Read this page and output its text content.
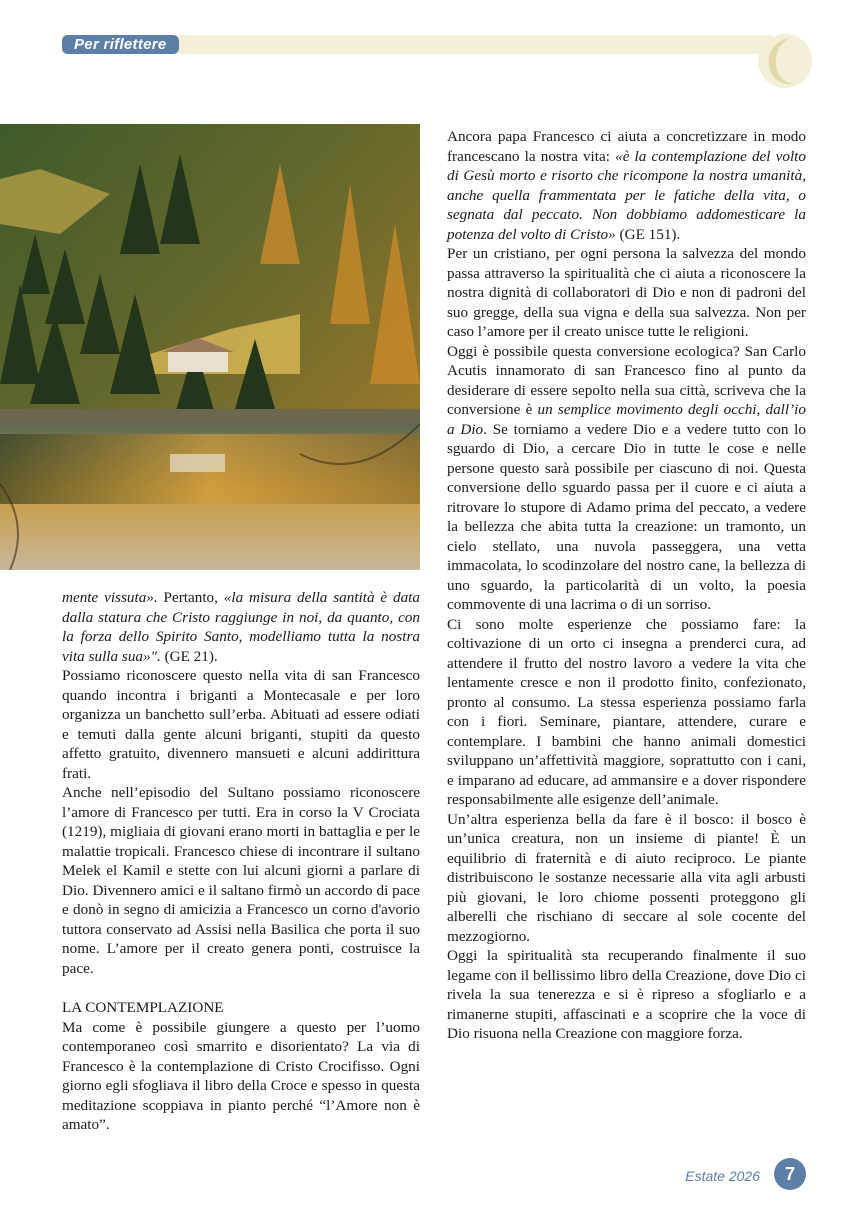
Per riflettere

mente vissuta». Pertanto, «la misura della santità è data dalla statura che Cristo raggiunge in noi, da quanto, con la forza dello Spirito Santo, modelliamo tutta la nostra vita sulla sua»". (GE 21).

Possiamo riconoscere questo nella vita di san Francesco quando incontra i briganti a Montecasale e per loro organizza un banchetto sull’erba. Abituati ad essere odiati e temuti dalla gente alcuni briganti, stupiti da questo affetto gratuito, divennero mansueti e alcuni addirittura frati.

Anche nell’episodio del Sultano possiamo riconoscere l’amore di Francesco per tutti. Era in corso la V Crociata (1219), migliaia di giovani erano morti in battaglia e per le malattie tropicali. Francesco chiese di incontrare il sultano Melek el Kamil e stette con lui alcuni giorni a parlare di Dio. Divennero amici e il saltano firmò un accordo di pace e donò in segno di amicizia a Francesco un corno d'avorio tuttora conservato ad Assisi nella Basilica che porta il suo nome. L’amore per il creato genera ponti, costruisce la pace.

LA CONTEMPLAZIONE

Ma come è possibile giungere a questo per l’uomo contemporaneo così smarrito e disorientato? La via di Francesco è la contemplazione di Cristo Crocifisso. Ogni giorno egli sfogliava il libro della Croce e spesso in questa meditazione scoppiava in pianto perché “l’Amore non è amato”.

Ancora papa Francesco ci aiuta a concretizzare in modo francescano la nostra vita: «è la contemplazione del volto di Gesù morto e risorto che ricompone la nostra umanità, anche quella frammentata per le fatiche della vita, o segnata dal peccato. Non dobbiamo addomesticare la potenza del volto di Cristo» (GE 151).

Per un cristiano, per ogni persona la salvezza del mondo passa attraverso la spiritualità che ci aiuta a riconoscere la nostra dignità di collaboratori di Dio e non di padroni del suo gregge, della sua vigna e della sua salvezza. Non per caso l’amore per il creato unisce tutte le religioni.

Oggi è possibile questa conversione ecologica? San Carlo Acutis innamorato di san Francesco fino al punto da desiderare di essere sepolto nella sua città, scriveva che la conversione è un semplice movimento degli occhi, dall’io a Dio. Se torniamo a vedere Dio e a vedere tutto con lo sguardo di Dio, a cercare Dio in tutte le cose e nelle persone questo sarà possibile per ciascuno di noi. Questa conversione dello sguardo passa per il cuore e ci aiuta a ritrovare lo stupore di Adamo prima del peccato, a vedere la bellezza che abita tutta la creazione: un tramonto, un cielo stellato, una nuvola passeggera, una vetta immacolata, lo scodinzolare del nostro cane, la bellezza di uno sguardo, la particolarità di un volto, la poesia commovente di una lacrima o di un sorriso.

Ci sono molte esperienze che possiamo fare: la coltivazione di un orto ci insegna a prenderci cura, ad attendere il frutto del nostro lavoro a vedere la vita che lentamente cresce e non il prodotto finito, confezionato, pronto al consumo. La stessa esperienza possiamo farla con i fiori. Seminare, piantare, attendere, curare e contemplare. I bambini che hanno animali domestici sviluppano un’affettività maggiore, soprattutto con i cani, e imparano ad educare, ad ammansire e a dover rispondere responsabilmente alle esigenze dell’animale.

Un’altra esperienza bella da fare è il bosco: il bosco è un’unica creatura, non un insieme di piante! È un equilibrio di fraternità e di aiuto reciproco. Le piante distribuiscono le sostanze necessarie alla vita agli arbusti più giovani, le loro chiome possenti proteggono gli alberelli che rischiano di seccare al sole cocente del mezzogiorno.

Oggi la spiritualità sta recuperando finalmente il suo legame con il bellissimo libro della Creazione, dove Dio ci rivela la sua tenerezza e si è ripreso a sfogliarlo e a rimanerne stupiti, affascinati e a scoprire che la voce di Dio risuona nella Creazione con maggiore forza.

Estate 2026	7
